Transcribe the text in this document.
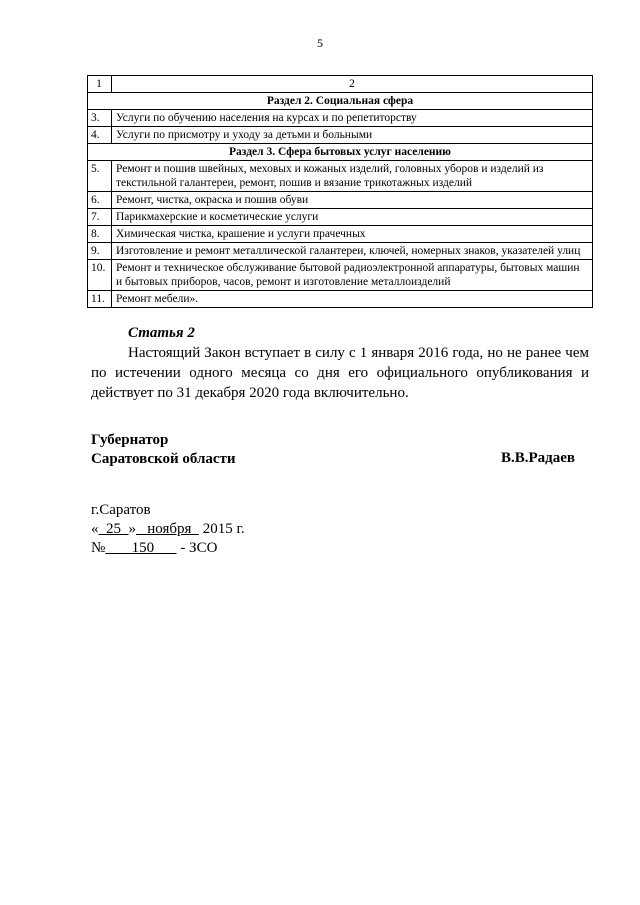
5
1	2
Раздел 2. Социальная сфера	
3.	Услуги по обучению населения на курсах и по репетиторству
4.	Услуги по присмотру и уходу за детьми и больными
Раздел 3. Сфера бытовых услуг населению	
5.	Ремонт и пошив швейных, меховых и кожаных изделий, головных уборов и изделий из текстильной галантереи, ремонт, пошив и вязание трикотажных изделий
6.	Ремонт, чистка, окраска и пошив обуви
7.	Парикмахерские и косметические услуги
8.	Химическая чистка, крашение и услуги прачечных
9.	Изготовление и ремонт металлической галантереи, ключей, номерных знаков, указателей улиц
10.	Ремонт и техническое обслуживание бытовой радиоэлектронной аппаратуры, бытовых машин и бытовых приборов, часов, ремонт и изготовление металлоизделий
11.	Ремонт мебели».
Статья 2
Настоящий Закон вступает в силу с 1 января 2016 года, но не ранее чем по истечении одного месяца со дня его официального опубликования и действует по 31 декабря 2020 года включительно.
Губернатор
Саратовской области	В.В.Радаев
г.Саратов
« 25 » ноября 2015 г.
№ 150 - ЗСО
